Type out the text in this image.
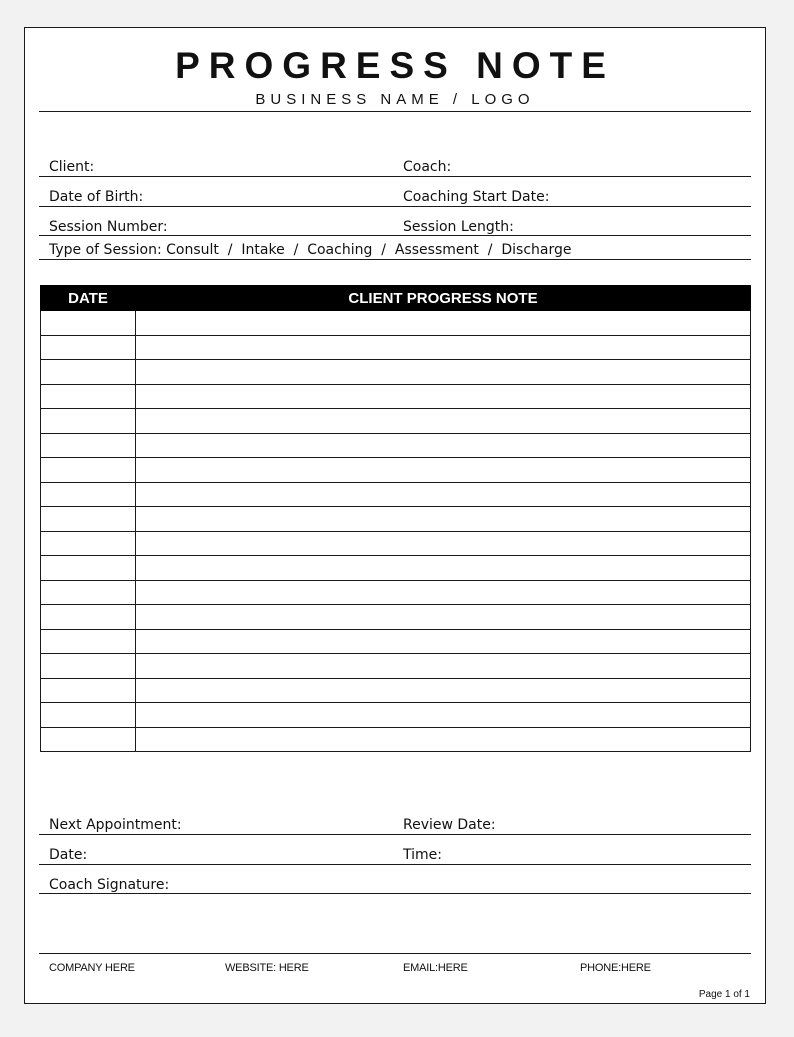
PROGRESS NOTE
BUSINESS NAME / LOGO
Client:	Coach:
Date of Birth:	Coaching Start Date:
Session Number:	Session Length:
Type of Session: Consult  /  Intake  /  Coaching  /  Assessment  /  Discharge
DATE	CLIENT PROGRESS NOTE

Next Appointment:	Review Date:
Date:	Time:
Coach Signature:
COMPANY HERE	WEBSITE: HERE	EMAIL:HERE	PHONE:HERE
Page 1 of 1
